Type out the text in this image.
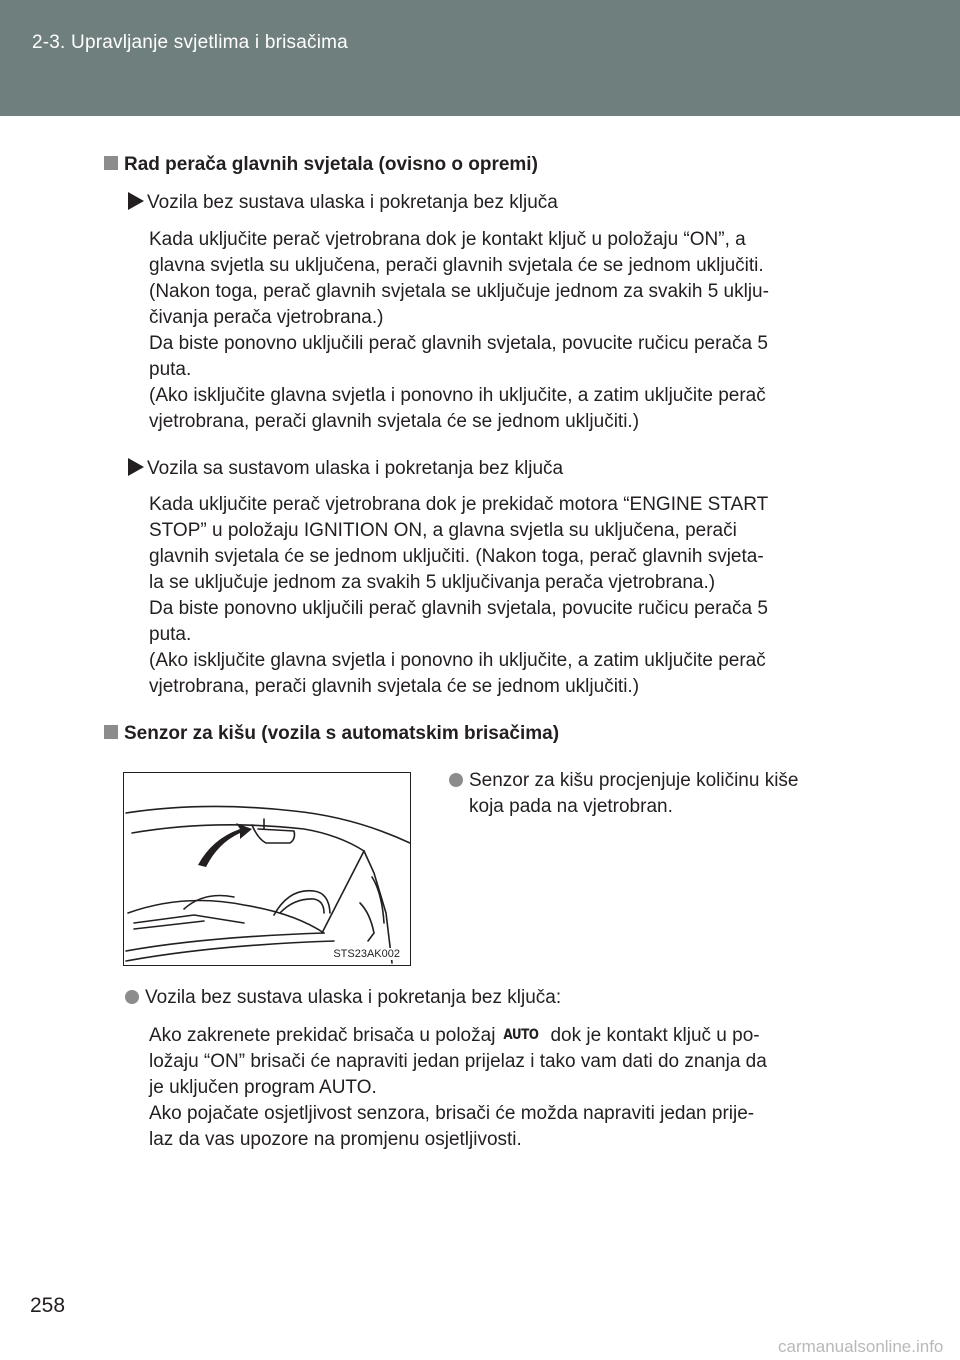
2-3. Upravljanje svjetlima i brisačima
Rad perača glavnih svjetala (ovisno o opremi)
Vozila bez sustava ulaska i pokretanja bez ključa
Kada uključite perač vjetrobrana dok je kontakt ključ u položaju “ON”, a
glavna svjetla su uključena, perači glavnih svjetala će se jednom uključiti.
(Nakon toga, perač glavnih svjetala se uključuje jednom za svakih 5 uklju-
čivanja perača vjetrobrana.)
Da biste ponovno uključili perač glavnih svjetala, povucite ručicu perača 5
puta.
(Ako isključite glavna svjetla i ponovno ih uključite, a zatim uključite perač
vjetrobrana, perači glavnih svjetala će se jednom uključiti.)
Vozila sa sustavom ulaska i pokretanja bez ključa
Kada uključite perač vjetrobrana dok je prekidač motora “ENGINE START
STOP” u položaju IGNITION ON, a glavna svjetla su uključena, perači
glavnih svjetala će se jednom uključiti. (Nakon toga, perač glavnih svjeta-
la se uključuje jednom za svakih 5 uključivanja perača vjetrobrana.)
Da biste ponovno uključili perač glavnih svjetala, povucite ručicu perača 5
puta.
(Ako isključite glavna svjetla i ponovno ih uključite, a zatim uključite perač
vjetrobrana, perači glavnih svjetala će se jednom uključiti.)
Senzor za kišu (vozila s automatskim brisačima)
STS23AK002
Senzor za kišu procjenjuje količinu kiše
koja pada na vjetrobran.
Vozila bez sustava ulaska i pokretanja bez ključa:
Ako zakrenete prekidač brisača u položaj AUTO dok je kontakt ključ u po-
ložaju “ON” brisači će napraviti jedan prijelaz i tako vam dati do znanja da
je uključen program AUTO.
Ako pojačate osjetljivost senzora, brisači će možda napraviti jedan prije-
laz da vas upozore na promjenu osjetljivosti.
258
carmanualsonline.info
